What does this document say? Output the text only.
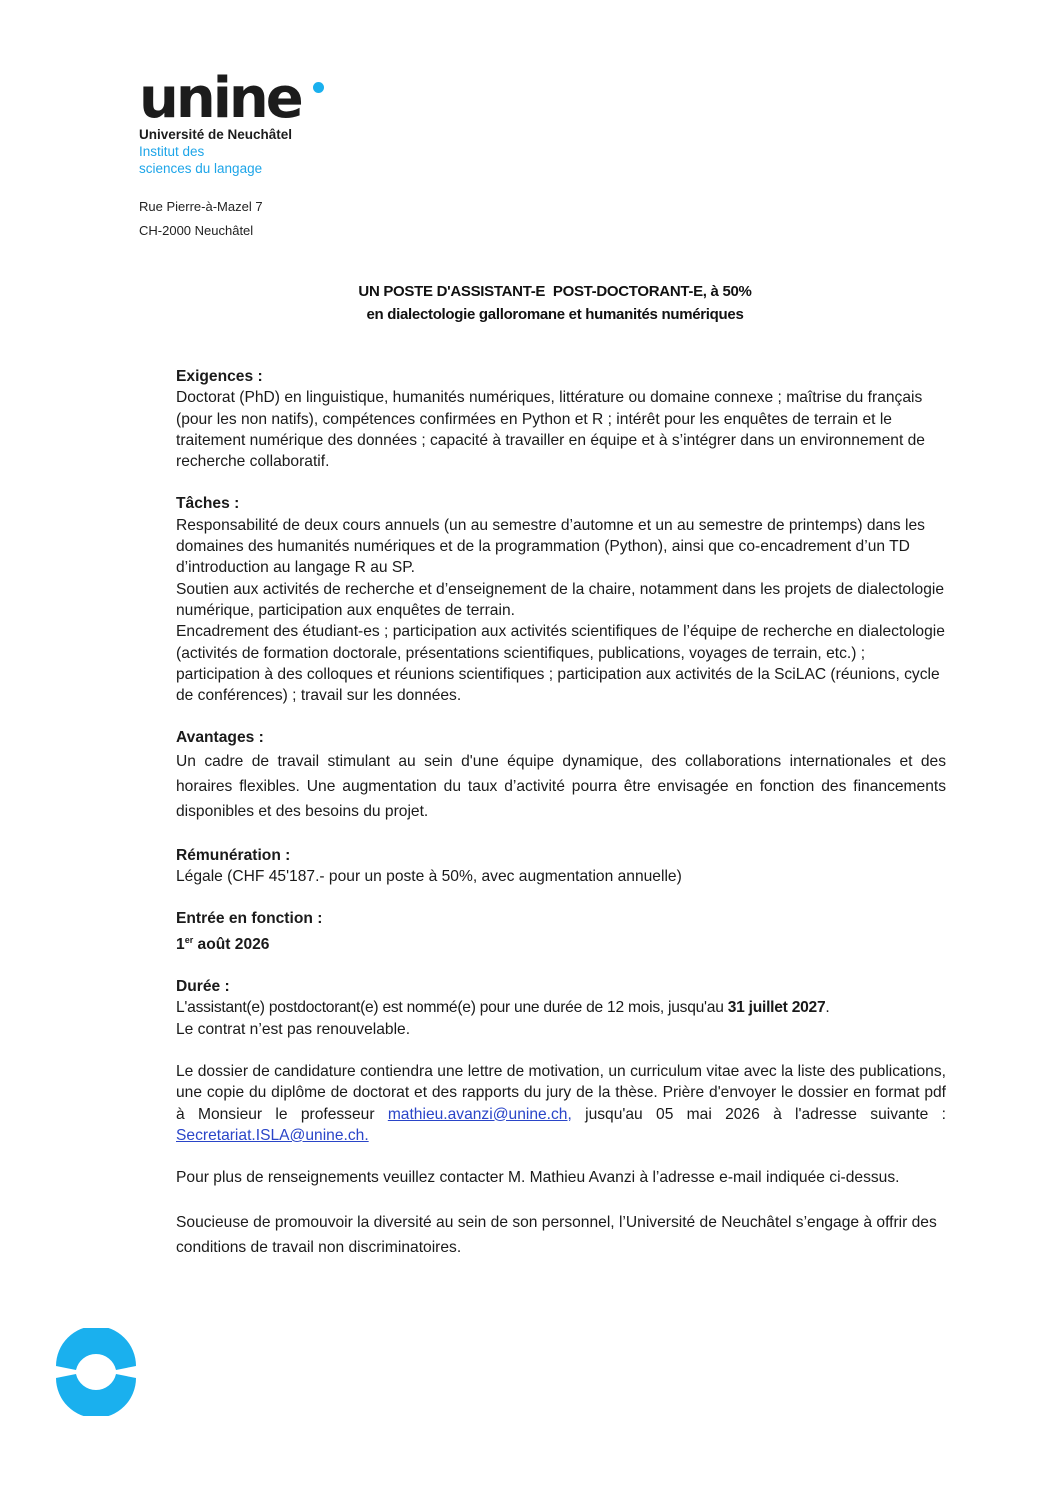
unine
Université de Neuchâtel
Institut des
sciences du langage
Rue Pierre-à-Mazel 7
CH-2000 Neuchâtel
UN POSTE D'ASSISTANT-E  POST-DOCTORANT-E, à 50%
en dialectologie galloromane et humanités numériques
Exigences :

Doctorat (PhD) en linguistique, humanités numériques, littérature ou domaine connexe ; maîtrise du français (pour les non natifs), compétences confirmées en Python et R ; intérêt pour les enquêtes de terrain et le traitement numérique des données ; capacité à travailler en équipe et à s’intégrer dans un environnement de recherche collaboratif.

Tâches :

Responsabilité de deux cours annuels (un au semestre d’automne et un au semestre de printemps) dans les domaines des humanités numériques et de la programmation (Python), ainsi que co-encadrement d’un TD d’introduction au langage R au SP.

Soutien aux activités de recherche et d’enseignement de la chaire, notamment dans les projets de dialectologie numérique, participation aux enquêtes de terrain.

Encadrement des étudiant-es ; participation aux activités scientifiques de l’équipe de recherche en dialectologie (activités de formation doctorale, présentations scientifiques, publications, voyages de terrain, etc.) ; participation à des colloques et réunions scientifiques ; participation aux activités de la SciLAC (réunions, cycle de conférences) ; travail sur les données.

Avantages :

Un cadre de travail stimulant au sein d'une équipe dynamique, des collaborations internationales et des horaires flexibles. Une augmentation du taux d’activité pourra être envisagée en fonction des financements disponibles et des besoins du projet.

Rémunération :

Légale (CHF 45'187.- pour un poste à 50%, avec augmentation annuelle)

Entrée en fonction :

1er août 2026

Durée :

L'assistant(e) postdoctorant(e) est nommé(e) pour une durée de 12 mois, jusqu'au 31 juillet 2027.

Le contrat n’est pas renouvelable.

Le dossier de candidature contiendra une lettre de motivation, un curriculum vitae avec la liste des publications, une copie du diplôme de doctorat et des rapports du jury de la thèse. Prière d'envoyer le dossier en format pdf à Monsieur le professeur mathieu.avanzi@unine.ch, jusqu'au 05 mai 2026 à l'adresse suivante : Secretariat.ISLA@unine.ch.

Pour plus de renseignements veuillez contacter M. Mathieu Avanzi à l’adresse e-mail indiquée ci-dessus.

Soucieuse de promouvoir la diversité au sein de son personnel, l’Université de Neuchâtel s’engage à offrir des conditions de travail non discriminatoires.
